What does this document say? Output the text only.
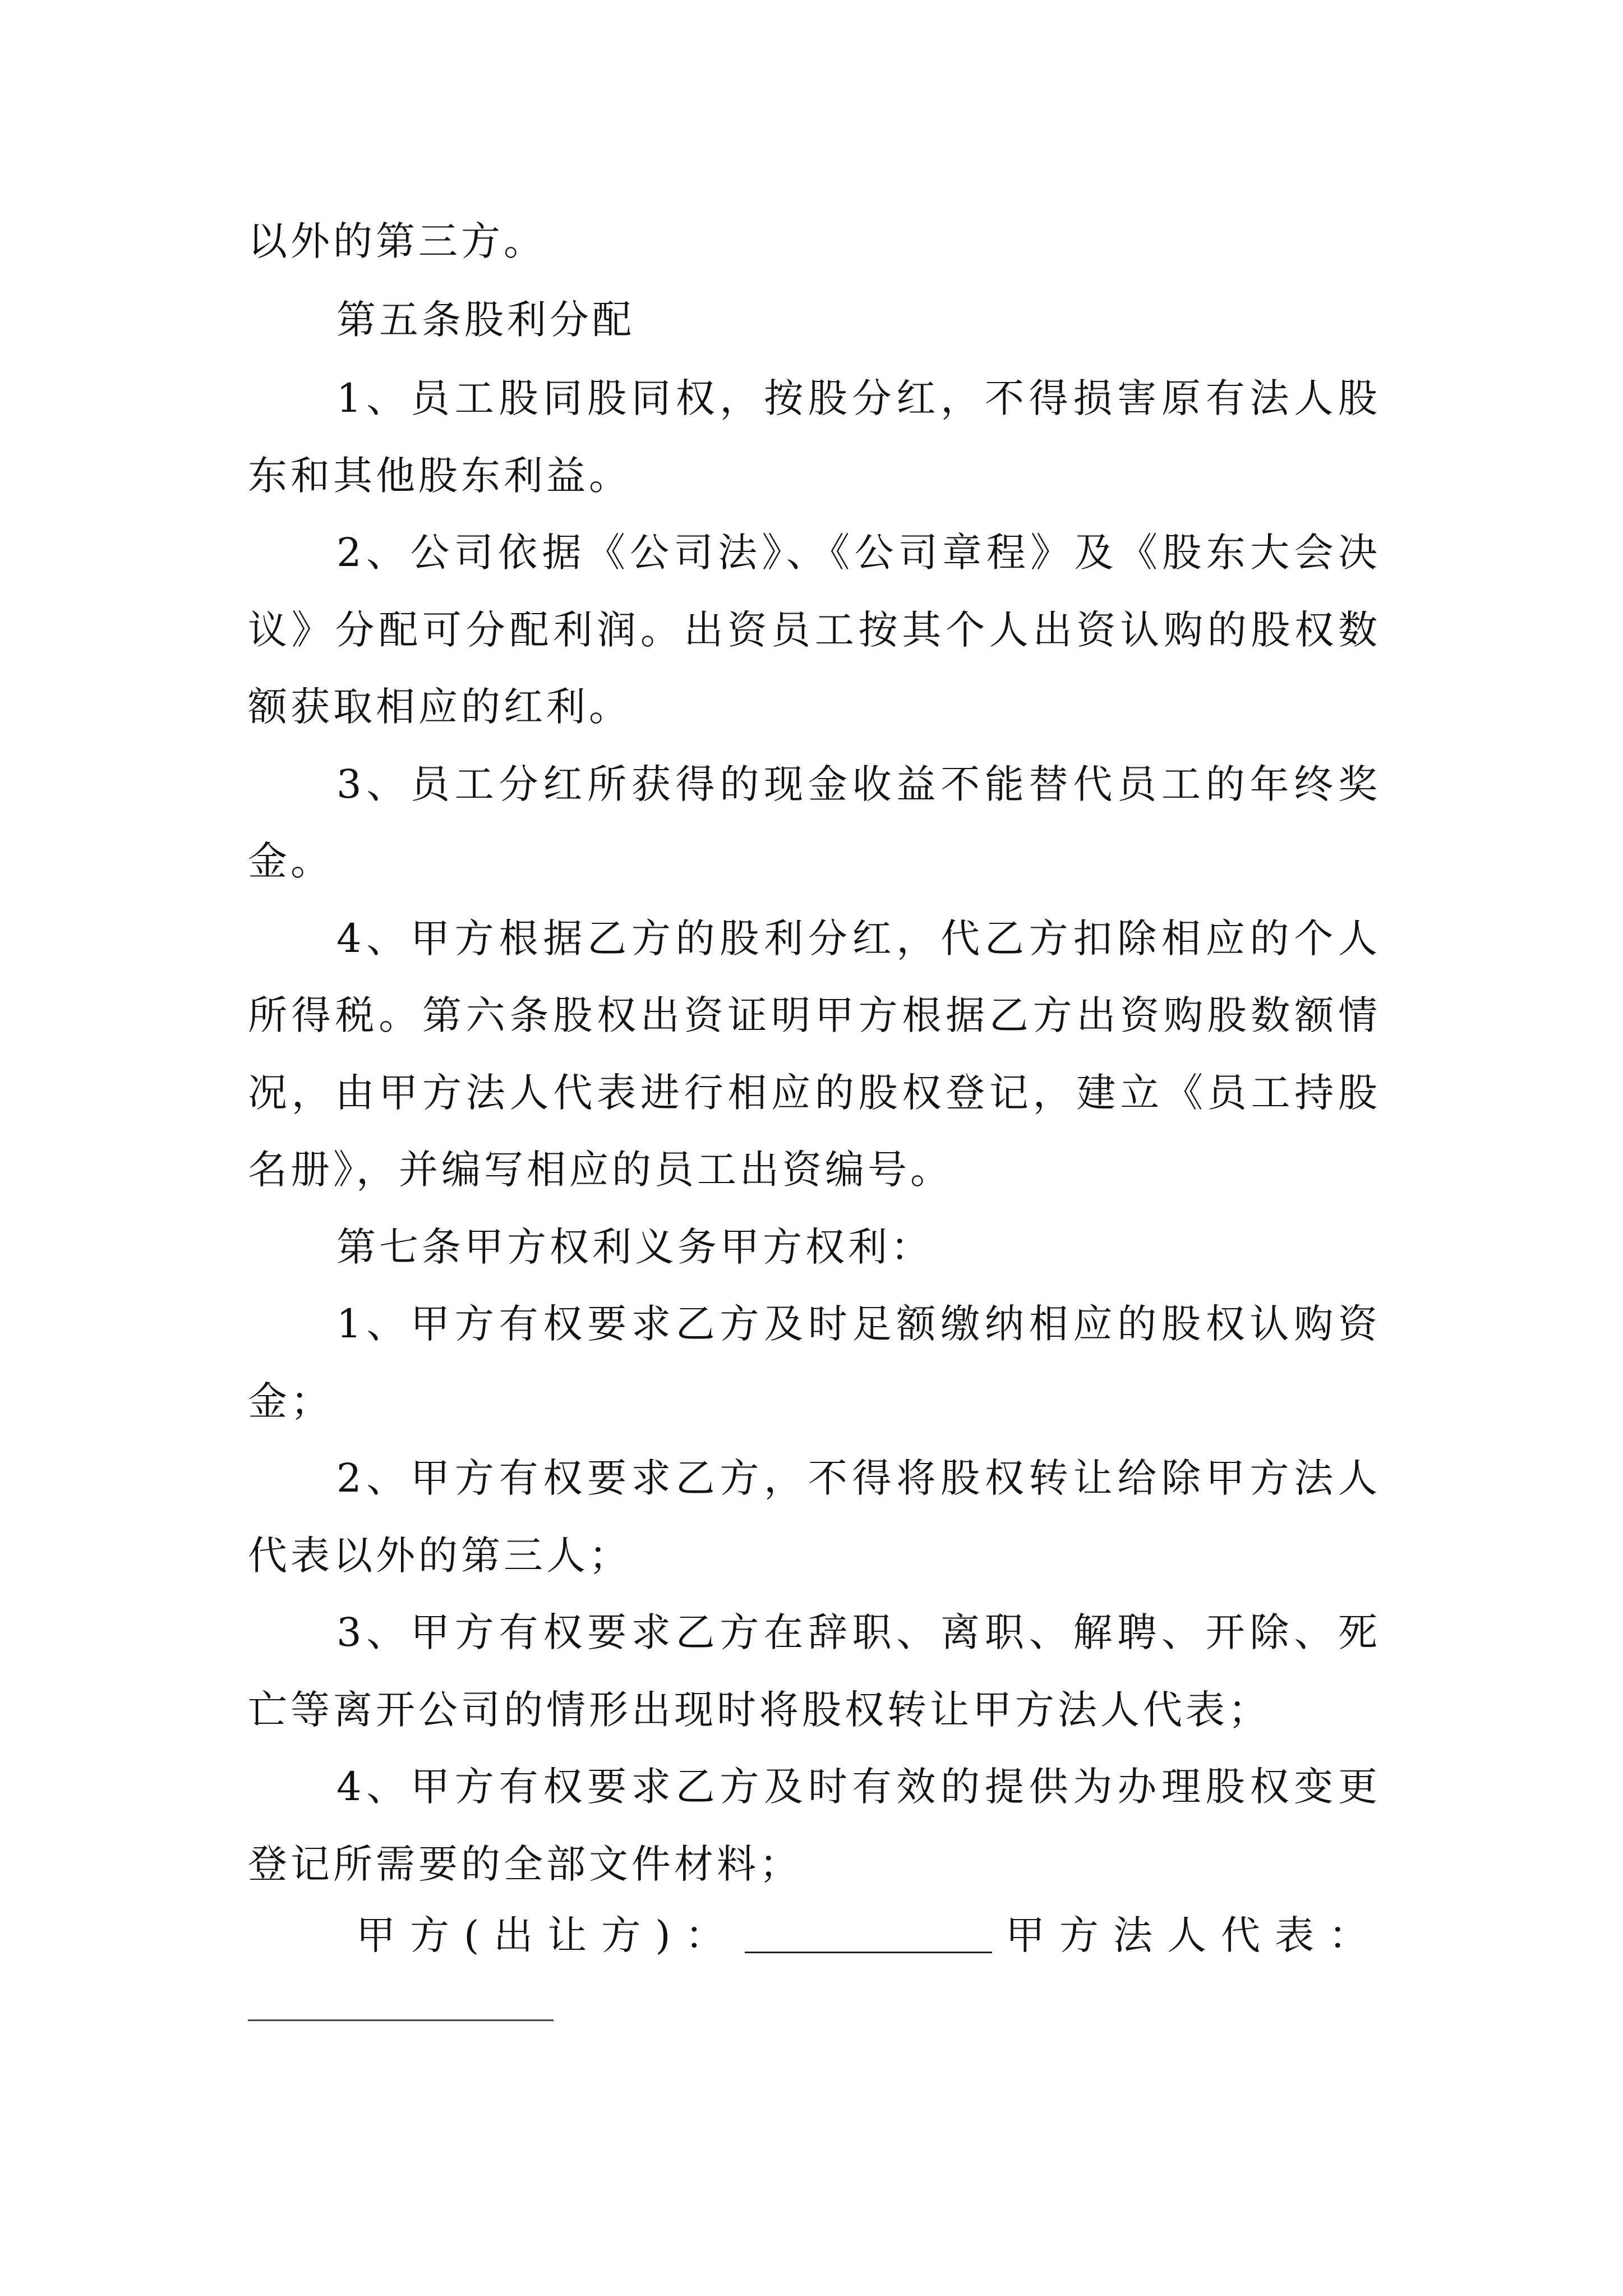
以外的第三方。
第五条股利分配
1、员工股同股同权，按股分红，不得损害原有法人股
东和其他股东利益。
2、公司依据《公司法》、《公司章程》及《股东大会决
议》分配可分配利润。出资员工按其个人出资认购的股权数
额获取相应的红利。
3、员工分红所获得的现金收益不能替代员工的年终奖
金。
4、甲方根据乙方的股利分红，代乙方扣除相应的个人
所得税。第六条股权出资证明甲方根据乙方出资购股数额情
况，由甲方法人代表进行相应的股权登记，建立《员工持股
名册》，并编写相应的员工出资编号。
第七条甲方权利义务甲方权利：
1、甲方有权要求乙方及时足额缴纳相应的股权认购资
金；
2、甲方有权要求乙方，不得将股权转让给除甲方法人
代表以外的第三人；
3、甲方有权要求乙方在辞职、离职、解聘、开除、死
亡等离开公司的情形出现时将股权转让甲方法人代表；
4、甲方有权要求乙方及时有效的提供为办理股权变更
登记所需要的全部文件材料；
甲方(出让方)：	甲方法人代表：
